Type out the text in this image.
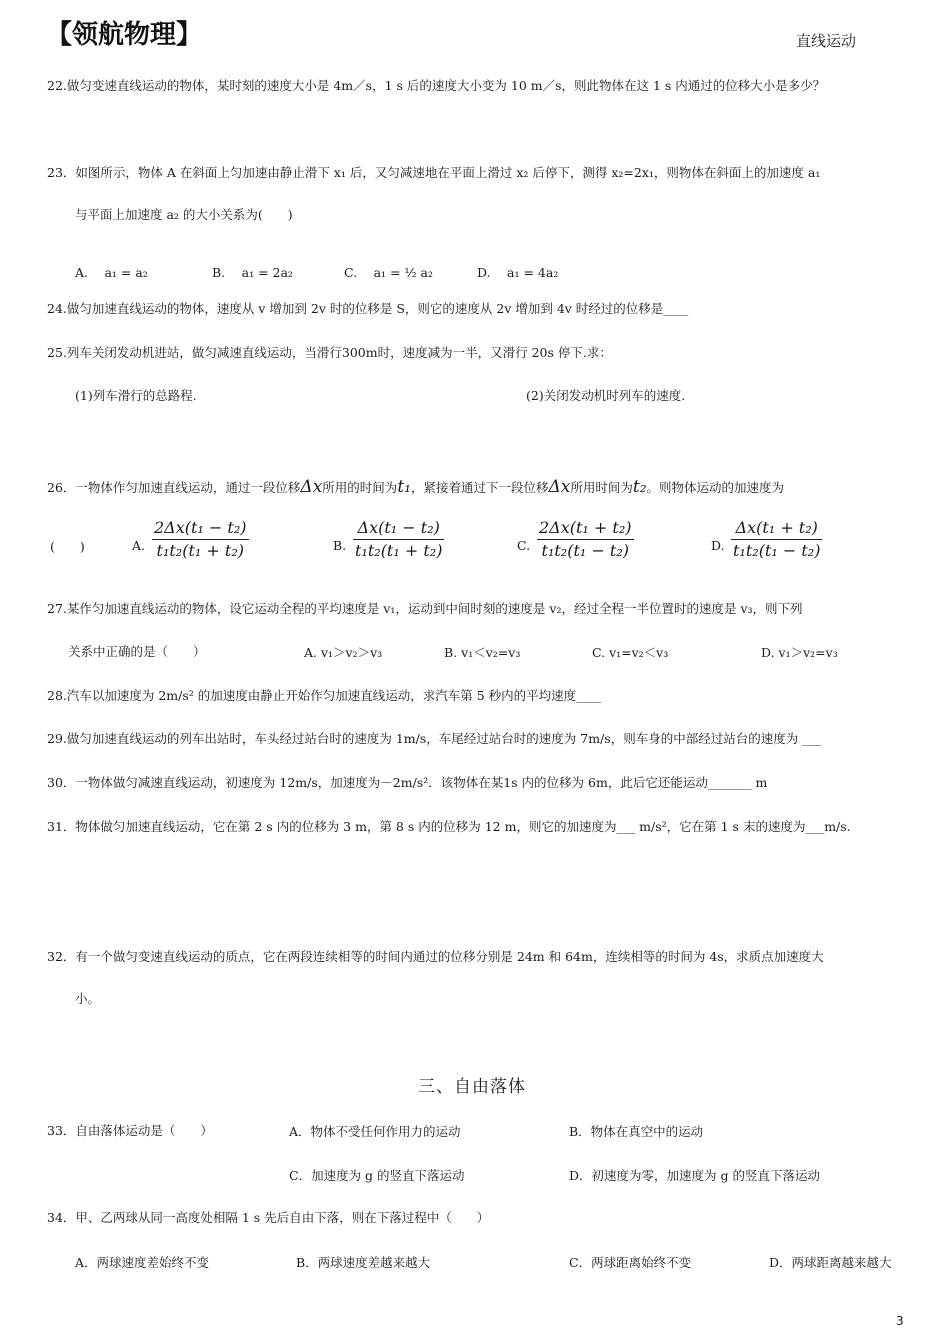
【领航物理】	直线运动
22.做匀变速直线运动的物体，某时刻的速度大小是 4m／s，1 s 后的速度大小变为 10 m／s，则此物体在这 1 s 内通过的位移大小是多少？
23．如图所示，物体 A 在斜面上匀加速由静止滑下 x₁ 后，又匀减速地在平面上滑过 x₂ 后停下，测得 x₂=2x₁，则物体在斜面上的加速度 a₁
与平面上加速度 a₂ 的大小关系为(　　)
A.　 a₁ = a₂	B.　 a₁ = 2a₂	C.　 a₁ = ½ a₂	D.　 a₁ = 4a₂
24.做匀加速直线运动的物体，速度从 v 增加到 2v 时的位移是 S，则它的速度从 2v 增加到 4v 时经过的位移是____
25.列车关闭发动机进站，做匀减速直线运动，当滑行300m时，速度减为一半，又滑行 20s 停下.求：
(1)列车滑行的总路程.	(2)关闭发动机时列车的速度.
26．一物体作匀加速直线运动，通过一段位移Δx所用的时间为t₁，紧接着通过下一段位移Δx所用时间为t₂。则物体运动的加速度为
(　　)	A.
2Δx(t₁ − t₂)
t₁t₂(t₁ + t₂)	B.
Δx(t₁ − t₂)
t₁t₂(t₁ + t₂)	C.
2Δx(t₁ + t₂)
t₁t₂(t₁ − t₂)	D.
Δx(t₁ + t₂)
t₁t₂(t₁ − t₂)
27.某作匀加速直线运动的物体，设它运动全程的平均速度是 v₁，运动到中间时刻的速度是 v₂，经过全程一半位置时的速度是 v₃，则下列
关系中正确的是（　　）	A. v₁＞v₂＞v₃	B. v₁＜v₂=v₃	C. v₁=v₂＜v₃	D. v₁＞v₂=v₃
28.汽车以加速度为 2m/s² 的加速度由静止开始作匀加速直线运动，求汽车第 5 秒内的平均速度____
29.做匀加速直线运动的列车出站时，车头经过站台时的速度为 1m/s，车尾经过站台时的速度为 7m/s，则车身的中部经过站台的速度为 ___
30．一物体做匀减速直线运动，初速度为 12m/s，加速度为－2m/s²．该物体在某1s 内的位移为 6m，此后它还能运动_______ m
31．物体做匀加速直线运动，它在第 2 s 内的位移为 3 m，第 8 s 内的位移为 12 m，则它的加速度为___ m/s²，它在第 1 s 末的速度为___m/s.
32．有一个做匀变速直线运动的质点，它在两段连续相等的时间内通过的位移分别是 24m 和 64m，连续相等的时间为 4s，求质点加速度大
小。
三、自由落体
33．自由落体运动是（　　）	A．物体不受任何作用力的运动	B．物体在真空中的运动
C．加速度为 g 的竖直下落运动	D．初速度为零，加速度为 g 的竖直下落运动
34．甲、乙两球从同一高度处相隔 1 s 先后自由下落，则在下落过程中（　　）
A．两球速度差始终不变	B．两球速度差越来越大	C．两球距离始终不变	D．两球距离越来越大
3
